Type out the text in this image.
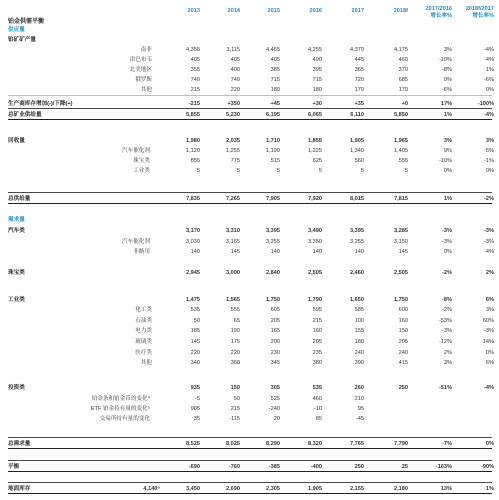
2013	2014	2015	2016	2017	2018f	2017/2016
增长率%
2018f/2017
增长率%
铂金供需平衡
供应量
铂矿矿产量
南非	4,355	3,115	4,465	4,255	4,370	4,175	3%	-4%
津巴布韦	405	405	405	490	445	460	-10%	4%
北美地区	355	400	385	395	365	370	-8%	1%
俄罗斯	740	740	715	715	720	685	0%	-6%
其他	215	220	180	180	170	170	-6%	0%
生产商库存增加(-)/下降(+)	-215	+350	+45	+30	+35	+0	17%	-100%
总矿业供给量	5,855	5,230	6,195	6,065	6,110	5,850	1%	-4%
回收量	1,980	2,035	1,710	1,855	1,905	1,965	3%	3%
汽车催化剂	1,120	1,255	1,190	1,225	1,340	1,405	9%	5%
珠宝类	855	775	515	625	560	555	-10%	-1%
工业类	5	5	5	5	5	5	0%	0%
总供给量	7,835	7,265	7,905	7,920	8,015	7,815	1%	-2%
需求量
汽车类	3,170	3,310	3,395	3,490	3,395	3,285	-3%	-3%
汽车催化剂	3,030	3,165	3,255	3,350	3,255	3,150	-3%	-3%
非路用	140	145	140	140	140	145	0%	4%
珠宝类	2,945	3,000	2,840	2,505	2,460	2,505	-2%	2%
工业类	1,475	1,565	1,750	1,790	1,650	1,750	-8%	6%
化工类	535	555	605	595	585	600	-2%	3%
石油类	50	65	205	215	100	160	-53%	60%
电力类	185	190	165	160	155	150	-3%	-3%
玻璃类	145	175	200	205	180	205	-12%	14%
医疗类	220	220	230	235	240	240	2%	0%
其他	340	360	345	380	390	415	3%	6%
投资类	935	150	305	535	260	250	-51%	-4%
铂金条和铂金币的变化⁴	-5	50	525	460	210
ETF 铂金持有量的变化⁵	905	215	-240	-10	95
交易所持有量的变化	35	-115	20	85	-45
总需求量	8,525	8,025	8,290	8,320	7,765	7,790	-7%	0%
平衡	-690	-760	-385	-400	250	25	-163%	-90%
地面库存	4,140⁶	3,450	2,690	2,305	1,905	2,155	2,180	13%	1%
